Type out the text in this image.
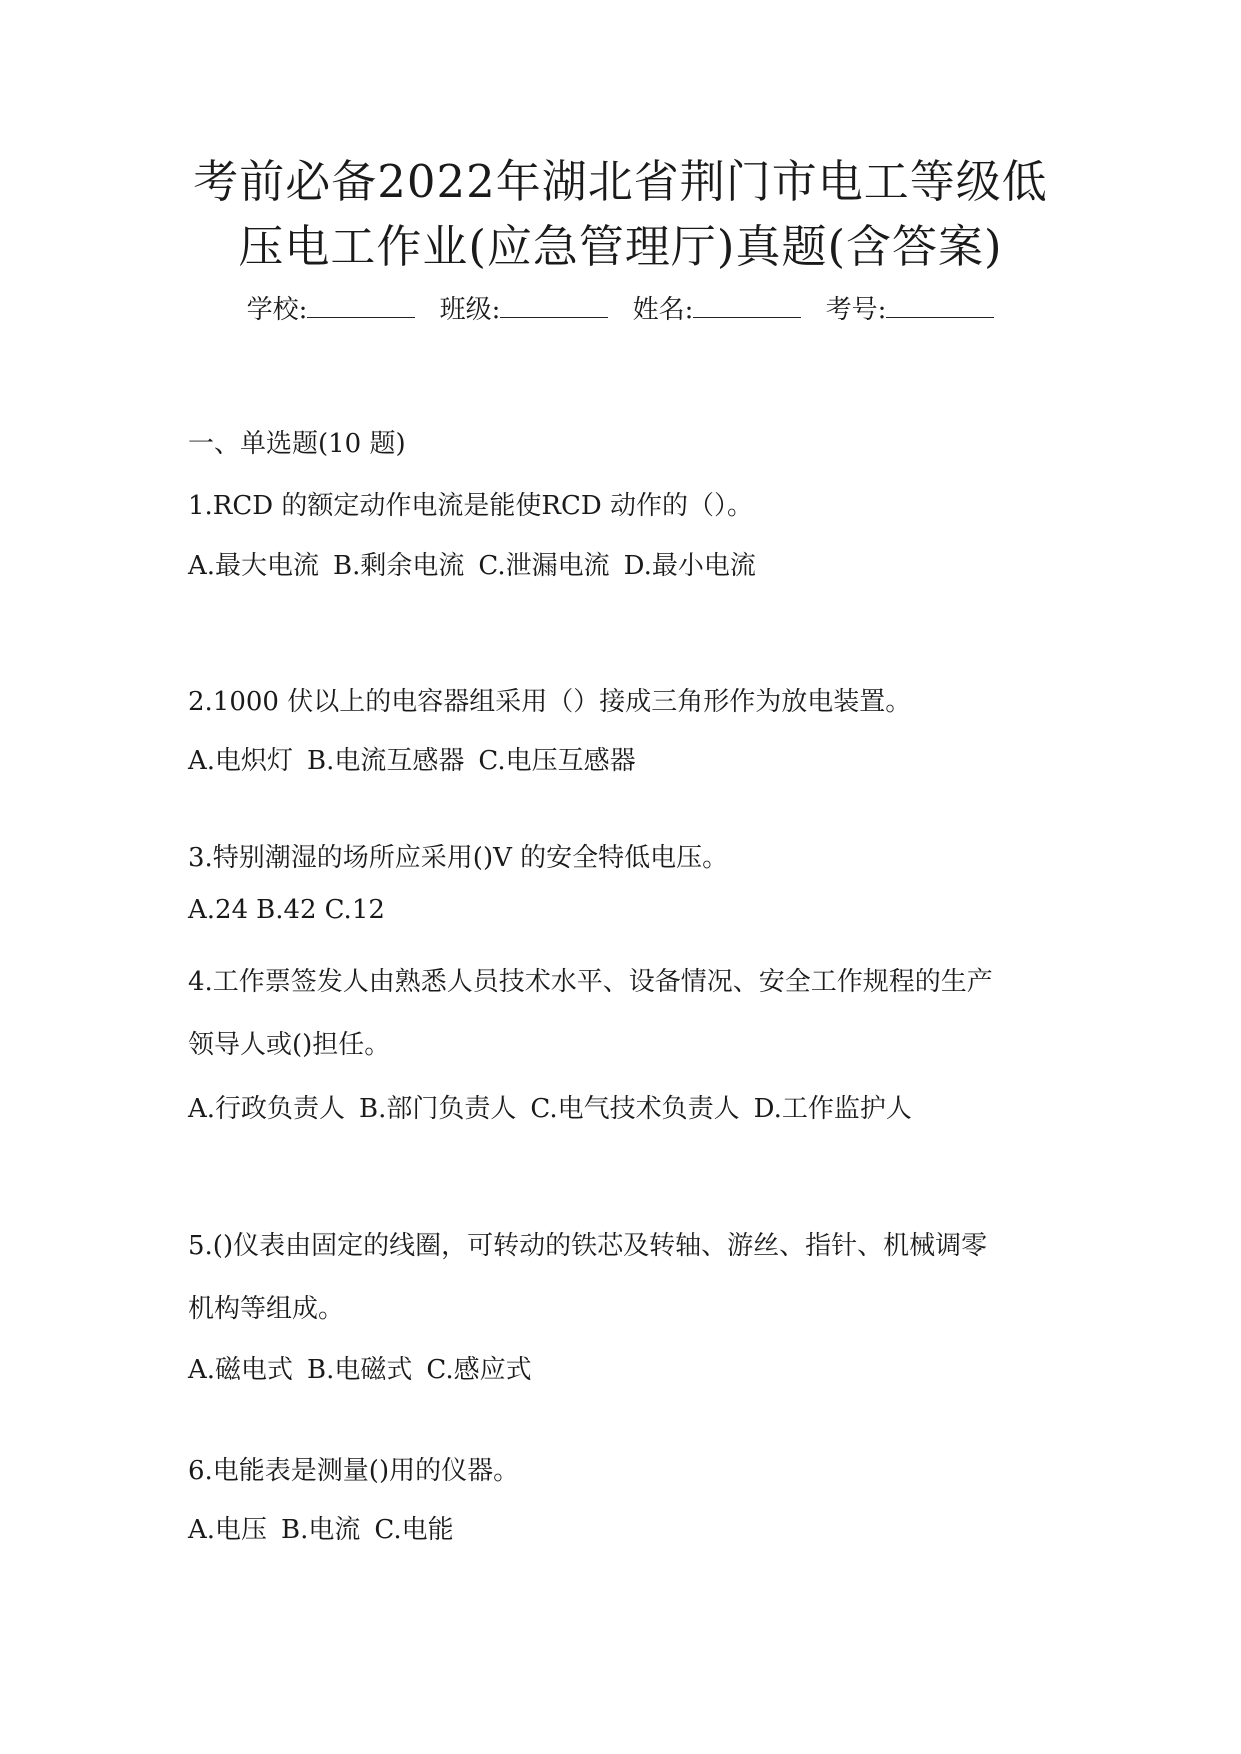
考前必备2022年湖北省荆门市电工等级低
压电工作业(应急管理厅)真题(含答案)
学校:	班级:	姓名:	考号:
一、单选题(10 题)
1.RCD 的额定动作电流是能使RCD 动作的（）。
A.最大电流 B.剩余电流 C.泄漏电流 D.最小电流
2.1000 伏以上的电容器组采用（）接成三角形作为放电装置。
A.电炽灯 B.电流互感器 C.电压互感器
3.特别潮湿的场所应采用()V 的安全特低电压。
A.24 B.42 C.12
4.工作票签发人由熟悉人员技术水平、设备情况、安全工作规程的生产
领导人或()担任。
A.行政负责人 B.部门负责人 C.电气技术负责人 D.工作监护人
5.()仪表由固定的线圈，可转动的铁芯及转轴、游丝、指针、机械调零
机构等组成。
A.磁电式 B.电磁式 C.感应式
6.电能表是测量()用的仪器。
A.电压 B.电流 C.电能
